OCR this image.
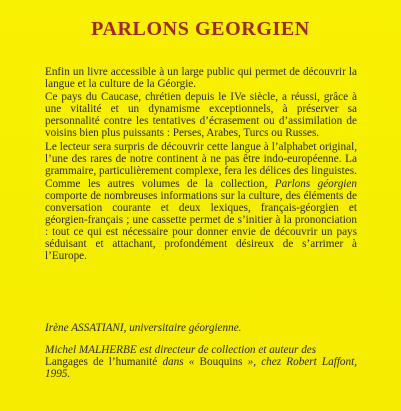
PARLONS GEORGIEN

Enfin un livre accessible à un large public qui permet de découvrir la langue et la culture de la Géorgie.

Ce pays du Caucase, chrétien depuis le IVe siècle, a réussi, grâce à une vitalité et un dynamisme exceptionnels, à préserver sa personnalité contre les tentatives d’écrasement ou d’assimilation de voisins bien plus puissants : Perses, Arabes, Turcs ou Russes.

Le lecteur sera surpris de découvrir cette langue à l’alphabet original, l’une des rares de notre continent à ne pas être indo-européenne. La grammaire, particulièrement complexe, fera les délices des linguistes.

Comme les autres volumes de la collection, Parlons géorgien comporte de nombreuses informations sur la culture, des éléments de conversation courante et deux lexiques, français-géorgien et géorgien-français ; une cassette permet de s’initier à la prononciation : tout ce qui est nécessaire pour donner envie de découvrir un pays séduisant et attachant, profondément désireux de s’arrimer à l’Europe.

Irène ASSATIANI, universitaire géorgienne.

Michel MALHERBE est directeur de collection et auteur des
Langages de l’humanité dans « Bouquins », chez Robert Laffont, 1995.
